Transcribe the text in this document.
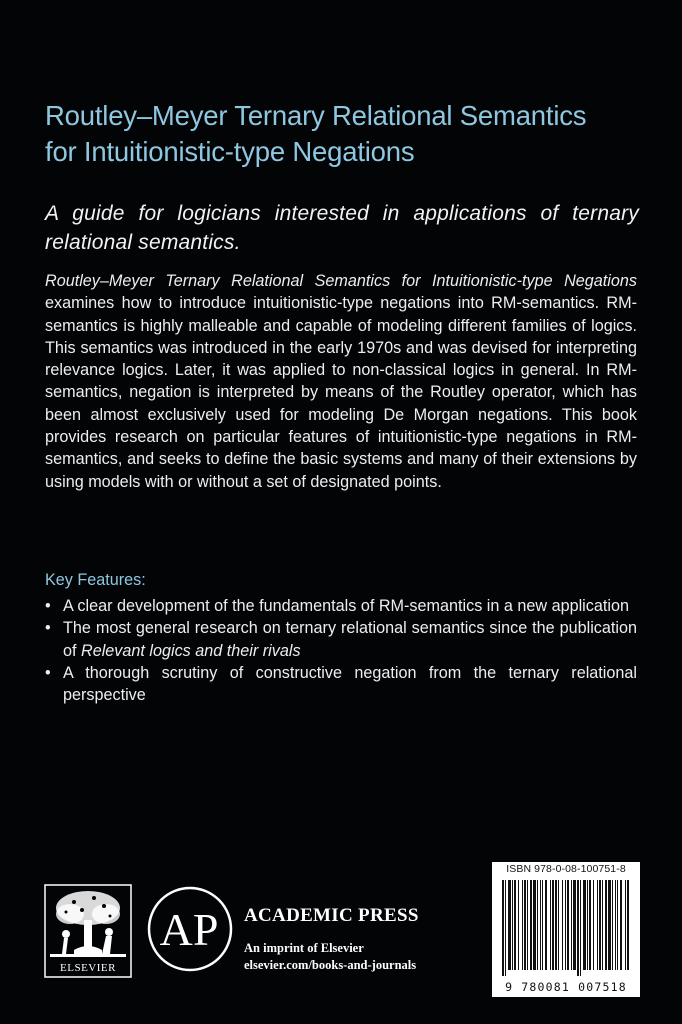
Routley–Meyer Ternary Relational Semantics
for Intuitionistic-type Negations
A guide for logicians interested in applications of ternary relational semantics.
Routley–Meyer Ternary Relational Semantics for Intuitionistic-type Negations examines how to introduce intuitionistic-type negations into RM-semantics. RM-semantics is highly malleable and capable of modeling different families of logics. This semantics was introduced in the early 1970s and was devised for interpreting relevance logics. Later, it was applied to non-classical logics in general. In RM-semantics, negation is interpreted by means of the Routley operator, which has been almost exclusively used for modeling De Morgan negations. This book provides research on particular features of intuitionistic-type negations in RM-semantics, and seeks to define the basic systems and many of their extensions by using models with or without a set of designated points.
Key Features:
• A clear development of the fundamentals of RM-semantics in a new application
• The most general research on ternary relational semantics since the publication of Relevant logics and their rivals
• A thorough scrutiny of constructive negation from the ternary relational perspective
ELSEVIER
AP ACADEMIC PRESS
An imprint of Elsevier
elsevier.com/books-and-journals
ISBN 978-0-08-100751-8
9 780081 007518
